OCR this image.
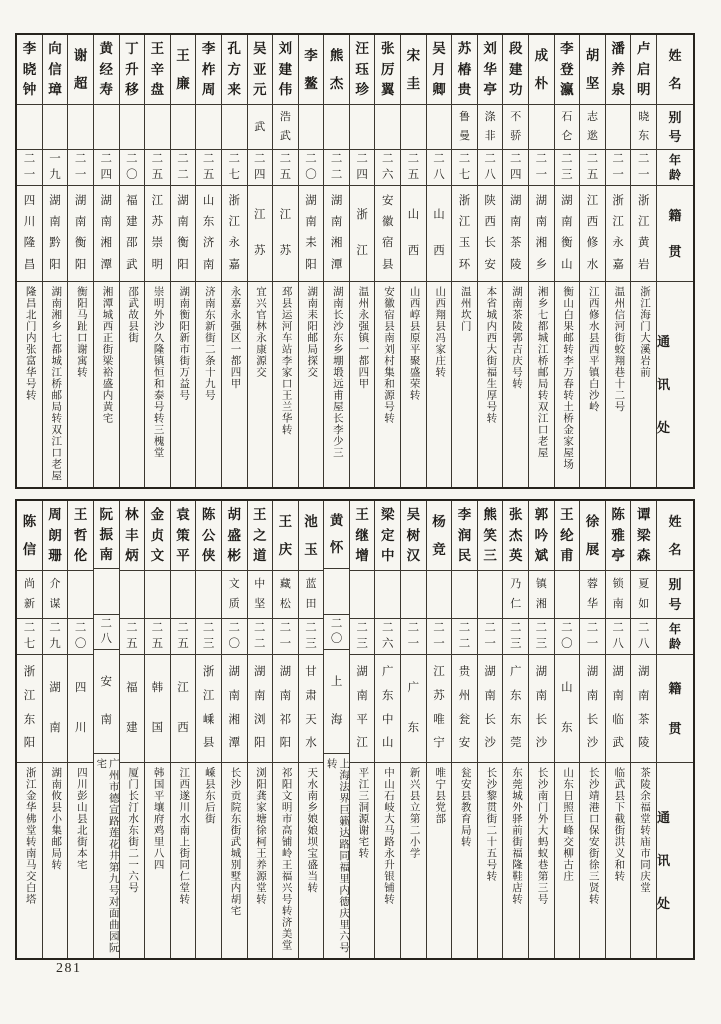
姓
名
别
号
年
龄
籍
贯
通
讯
处
卢
启
明
晓
东
二
一
浙
江
黄
岩
浙江海门大溪岩前
潘
养
泉
二
一
浙
江
永
嘉
温州信河街蛟翔巷十二号
胡
坚
志
逖
二
五
江
西
修
水
江西修水县西平镇白沙岭
李
登
瀛
石
仑
二
三
湖
南
衡
山
衡山白果邮转李万春转土桥金家屋场
成
朴
二
一
湖
南
湘
乡
湘乡七都城江桥邮局转双江口老屋
段
建
功
不
骄
二
四
湖
南
茶
陵
湖南茶陵郭吉庆号转
刘
华
亭
涤
非
二
八
陕
西
长
安
本省城内西大街福生厚号转
苏
椿
贵
鲁
曼
二
七
浙
江
玉
环
温州坎门
吴
月
卿
二
八
山
西
山西翔县冯家庄转
宋
圭
二
五
山
西
山西崞县原平聚盛荣转
张
厉
翼
二
六
安
徽
宿
县
安徽宿县南刘村集和源号转
汪
珏
珍
二
四
浙
江
温州永强镇一都四甲
熊
杰
二
二
湖
南
湘
潭
湖南长沙东乡堋塅远甫屋长李少三
李
鳌
二
〇
湖
南
耒
阳
湖南耒阳邮局探交
刘
建
伟
浩
武
二
五
江
苏
邳县运河车站李家口王兰华转
吴
亚
元
武
二
四
江
苏
宜兴官林永康源交
孔
方
来
二
七
浙
江
永
嘉
永嘉永强区一都四甲
李
柞
周
二
五
山
东
济
南
济南东新街二条十九号
王
廉
二
二
湖
南
衡
阳
湖南衡阳新市街万益号
王
辛
盘
二
五
江
苏
崇
明
崇明外沙久隆镇恒和泰号转三槐堂
丁
升
移
二
〇
福
建
邵
武
邵武故县街
黄
经
寿
二
四
湖
南
湘
潭
湘潭城西正街梁裕盛内黄宅
谢
超
二
一
湖
南
衡
阳
衡阳马趾口谢寓转
向
信
璋
一
九
湖
南
黔
阳
湖南湘乡七都城江桥邮局转双江口老屋
李
晓
钟
二
一
四
川
隆
昌
隆昌北门内张富华号转
姓
名
别
号
年
龄
籍
贯
通
讯
处
谭
梁
森
夏
如
二
八
湖
南
茶
陵
茶陵余福堂转庙市同庆堂
陈
雅
亭
锁
南
二
八
湖
南
临
武
临武县下截街洪义和转
徐
展
蓉
华
二
一
湖
南
长
沙
长沙靖港口保安街徐三贤转
王
纶
甫
二
〇
山
东
山东日照巨峰交柳古庄
郭
吟
斌
镇
湘
二
三
湖
南
长
沙
长沙南门外大蚂蚁巷第三号
张
杰
英
乃
仁
二
三
广
东
东
莞
东莞城外驿前街福隆鞋店转
熊
笑
三
二
一
湖
南
长
沙
长沙黎贯街二十五号转
李
润
民
二
二
贵
州
瓮
安
瓮安县教育局转
杨
竞
二
一
江
苏
唯
宁
唯宁县党部
吴
树
汉
二
一
广
东
新兴县立第二小学
梁
定
中
二
六
广
东
中
山
中山石岐大马路永升银铺转
王
继
增
二
三
湖
南
平
江
平江三洞源谢宅转
黄
怀
二
〇
上
海
上海法界巨籁达路同福里内德庆里六号转
池
玉
蓝
田
二
三
甘
肃
天
水
天水南乡娘娘坝宝盛当转
王
庆
藏
松
二
一
湖
南
祁
阳
祁阳文明市高铺岭王福兴号转济美堂
王
之
道
中
坚
二
二
湖
南
浏
阳
浏阳龚家塘徐柯王养源堂转
胡
盛
彬
文
质
二
〇
湖
南
湘
潭
长沙贡院东街武城别墅内胡宅
陈
公
侠
二
三
浙
江
嵊
县
嵊县东后街
袁
策
平
二
五
江
西
江西遂川水南上街同仁堂转
金
贞
文
二
五
韩
国
韩国平壤府鸡里八四
林
丰
炳
二
五
福
建
厦门长汀水东街二一六号
阮
振
南
二
八
安
南
广州市德宣路莲花井第九号对面曲园阮宅
王
哲
伦
二
〇
四
川
四川彭山县北街本宅
周
朗
珊
介
谋
二
九
湖
南
湖南攸县小集邮局转
陈
信
尚
新
二
七
浙
江
东
阳
浙江金华佛堂转南马交白塔
281
